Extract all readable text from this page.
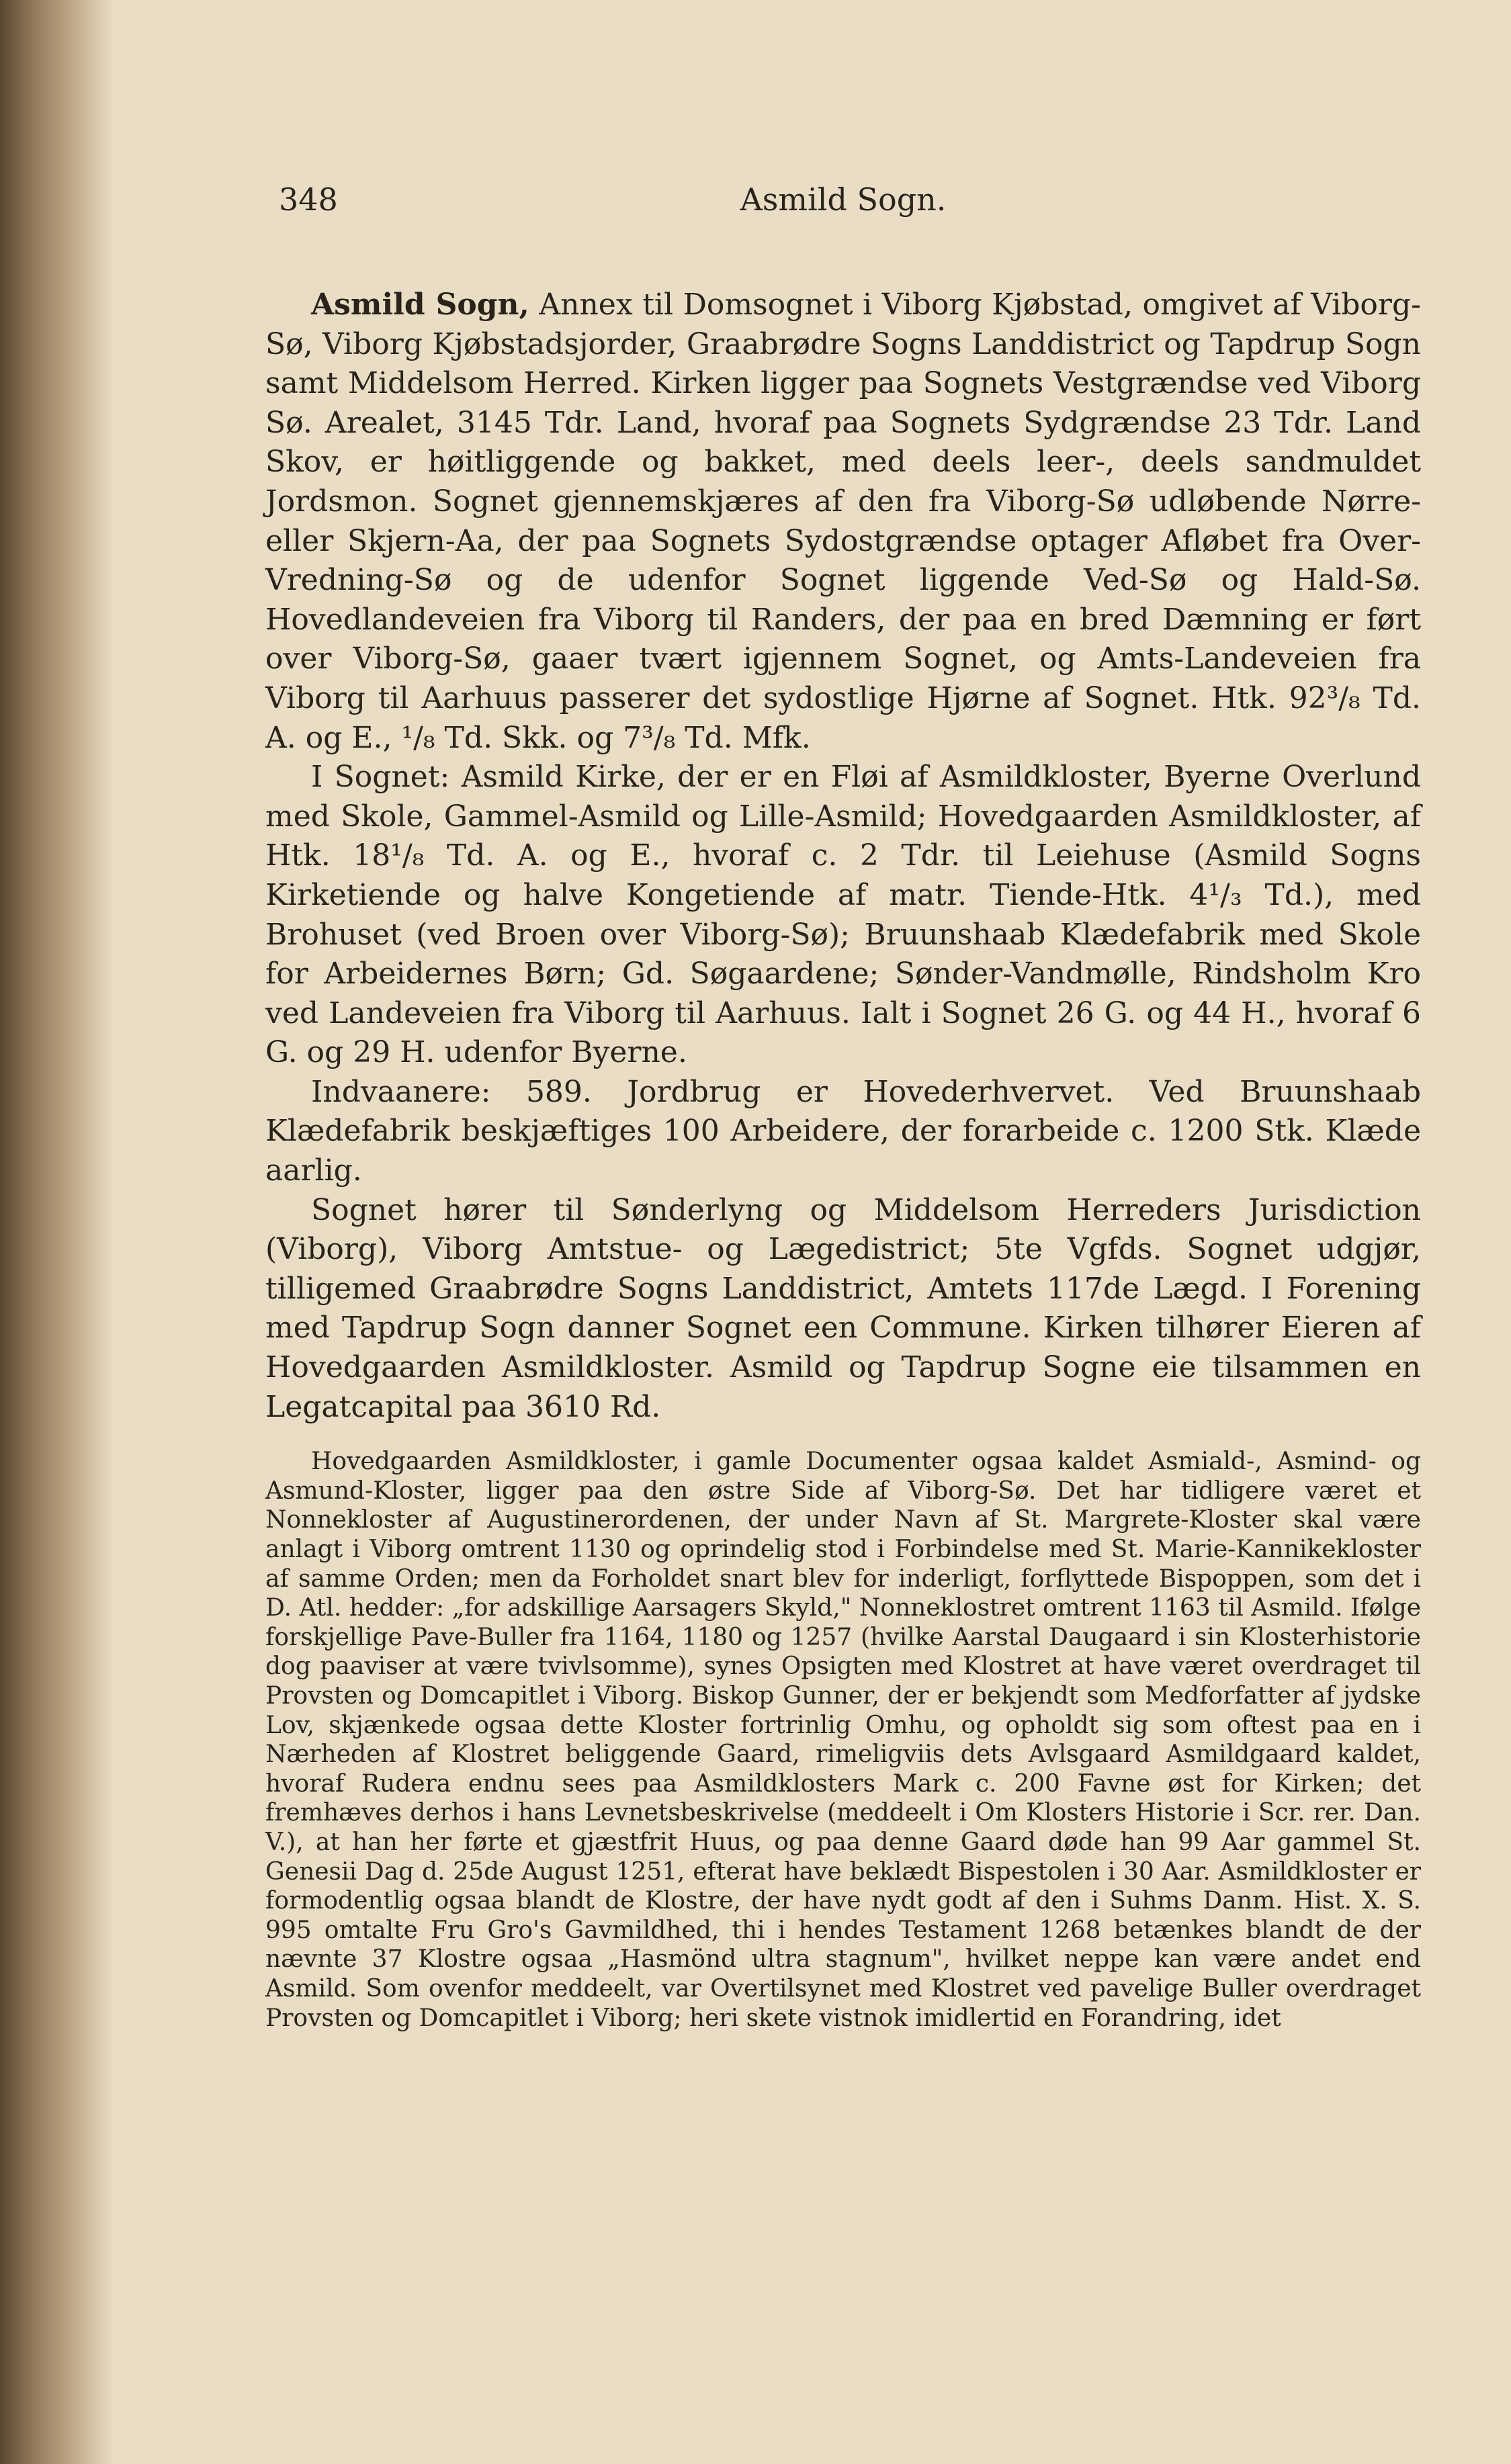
348	Asmild Sogn.

Asmild Sogn, Annex til Domsognet i Viborg Kjøbstad, omgivet af Viborg-Sø, Viborg Kjøbstadsjorder, Graabrødre Sogns Landdistrict og Tapdrup Sogn samt Middelsom Herred. Kirken ligger paa Sognets Vestgrændse ved Viborg Sø. Arealet, 3145 Tdr. Land, hvoraf paa Sognets Sydgrændse 23 Tdr. Land Skov, er høitliggende og bakket, med deels leer-, deels sandmuldet Jordsmon. Sognet gjennemskjæres af den fra Viborg-Sø udløbende Nørre- eller Skjern-Aa, der paa Sognets Sydostgrændse optager Afløbet fra Over-Vredning-Sø og de udenfor Sognet liggende Ved-Sø og Hald-Sø. Hovedlandeveien fra Viborg til Randers, der paa en bred Dæmning er ført over Viborg-Sø, gaaer tvært igjennem Sognet, og Amts-Landeveien fra Viborg til Aarhuus passerer det sydostlige Hjørne af Sognet. Htk. 92³/₈ Td. A. og E., ¹/₈ Td. Skk. og 7³/₈ Td. Mfk.

I Sognet: Asmild Kirke, der er en Fløi af Asmildkloster, Byerne Overlund med Skole, Gammel-Asmild og Lille-Asmild; Hovedgaarden Asmildkloster, af Htk. 18¹/₈ Td. A. og E., hvoraf c. 2 Tdr. til Leiehuse (Asmild Sogns Kirketiende og halve Kongetiende af matr. Tiende-Htk. 4¹/₃ Td.), med Brohuset (ved Broen over Viborg-Sø); Bruunshaab Klædefabrik med Skole for Arbeidernes Børn; Gd. Søgaardene; Sønder-Vandmølle, Rindsholm Kro ved Landeveien fra Viborg til Aarhuus. Ialt i Sognet 26 G. og 44 H., hvoraf 6 G. og 29 H. udenfor Byerne.

Indvaanere: 589. Jordbrug er Hovederhvervet. Ved Bruunshaab Klædefabrik beskjæftiges 100 Arbeidere, der forarbeide c. 1200 Stk. Klæde aarlig.

Sognet hører til Sønderlyng og Middelsom Herreders Jurisdiction (Viborg), Viborg Amtstue- og Lægedistrict; 5te Vgfds. Sognet udgjør, tilligemed Graabrødre Sogns Landdistrict, Amtets 117de Lægd. I Forening med Tapdrup Sogn danner Sognet een Commune. Kirken tilhører Eieren af Hovedgaarden Asmildkloster. Asmild og Tapdrup Sogne eie tilsammen en Legatcapital paa 3610 Rd.

Hovedgaarden Asmildkloster, i gamle Documenter ogsaa kaldet Asmiald-, Asmind- og Asmund-Kloster, ligger paa den østre Side af Viborg-Sø. Det har tidligere været et Nonnekloster af Augustinerordenen, der under Navn af St. Margrete-Kloster skal være anlagt i Viborg omtrent 1130 og oprindelig stod i Forbindelse med St. Marie-Kannikekloster af samme Orden; men da Forholdet snart blev for inderligt, forflyttede Bispoppen, som det i D. Atl. hedder: „for adskillige Aarsagers Skyld," Nonneklostret omtrent 1163 til Asmild. Ifølge forskjellige Pave-Buller fra 1164, 1180 og 1257 (hvilke Aarstal Daugaard i sin Klosterhistorie dog paaviser at være tvivlsomme), synes Opsigten med Klostret at have været overdraget til Provsten og Domcapitlet i Viborg. Biskop Gunner, der er bekjendt som Medforfatter af jydske Lov, skjænkede ogsaa dette Kloster fortrinlig Omhu, og opholdt sig som oftest paa en i Nærheden af Klostret beliggende Gaard, rimeligviis dets Avlsgaard Asmildgaard kaldet, hvoraf Rudera endnu sees paa Asmildklosters Mark c. 200 Favne øst for Kirken; det fremhæves derhos i hans Levnetsbeskrivelse (meddeelt i Om Klosters Historie i Scr. rer. Dan. V.), at han her førte et gjæstfrit Huus, og paa denne Gaard døde han 99 Aar gammel St. Genesii Dag d. 25de August 1251, efterat have beklædt Bispestolen i 30 Aar. Asmildkloster er formodentlig ogsaa blandt de Klostre, der have nydt godt af den i Suhms Danm. Hist. X. S. 995 omtalte Fru Gro's Gavmildhed, thi i hendes Testament 1268 betænkes blandt de der nævnte 37 Klostre ogsaa „Hasmönd ultra stagnum", hvilket neppe kan være andet end Asmild. Som ovenfor meddeelt, var Overtilsynet med Klostret ved pavelige Buller overdraget Provsten og Domcapitlet i Viborg; heri skete vistnok imidlertid en Forandring, idet
